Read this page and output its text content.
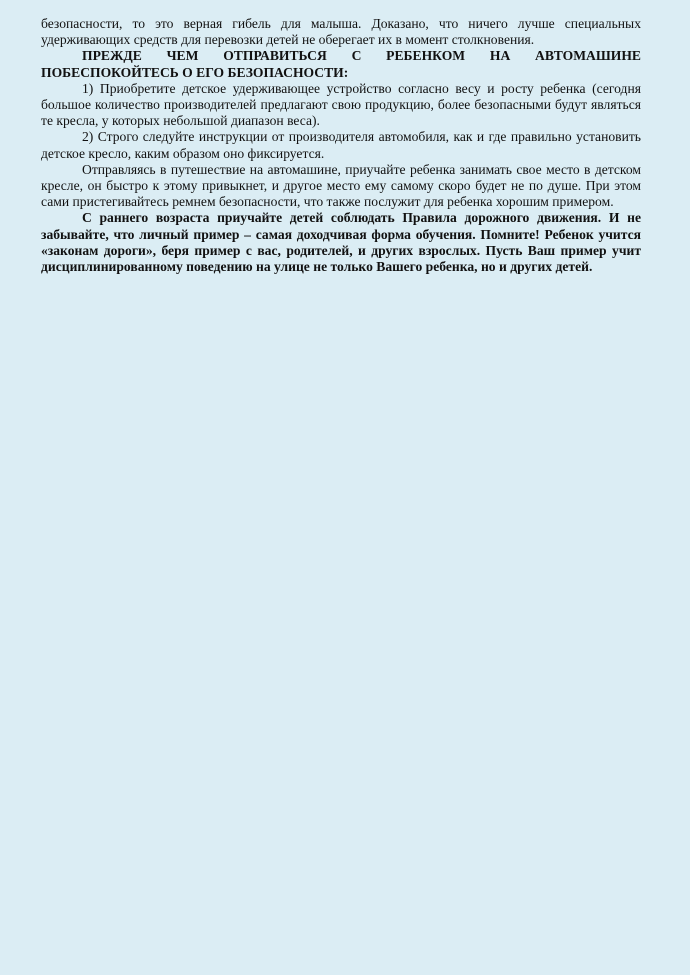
безопасности, то это верная гибель для малыша. Доказано, что ничего лучше специальных удерживающих средств для перевозки детей не оберегает их в момент столкновения.

ПРЕЖДЕ ЧЕМ ОТПРАВИТЬСЯ С РЕБЕНКОМ НА АВТОМАШИНЕ ПОБЕСПОКОЙТЕСЬ О ЕГО БЕЗОПАСНОСТИ:

1) Приобретите детское удерживающее устройство согласно весу и росту ребенка (сегодня большое количество производителей предлагают свою продукцию, более безопасными будут являться те кресла, у которых небольшой диапазон веса).

2) Строго следуйте инструкции от производителя автомобиля, как и где правильно установить детское кресло, каким образом оно фиксируется.

Отправляясь в путешествие на автомашине, приучайте ребенка занимать свое место в детском кресле, он быстро к этому привыкнет, и другое место ему самому скоро будет не по душе. При этом сами пристегивайтесь ремнем безопасности, что также послужит для ребенка хорошим примером.

С раннего возраста приучайте детей соблюдать Правила дорожного движения. И не забывайте, что личный пример – самая доходчивая форма обучения. Помните! Ребенок учится «законам дороги», беря пример с вас, родителей, и других взрослых. Пусть Ваш пример учит дисциплинированному поведению на улице не только Вашего ребенка, но и других детей.
